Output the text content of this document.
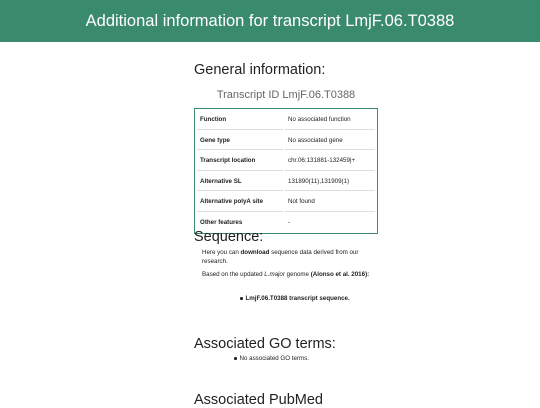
Additional information for transcript LmjF.06.T0388
General information:
Transcript ID LmjF.06.T0388
Function	No associated function
Gene type	No associated gene
Transcript location	chr.06:131881-132459|+
Alternative SL	131890(11),131909(1)
Alternative polyA site	Not found
Other features	-
Sequence:
Here you can download sequence data derived from our research.
Based on the updated L.major genome (Alonso et al. 2016):
LmjF.06.T0388 transcript sequence.
Associated GO terms:
No associated GO terms.
Associated PubMed
